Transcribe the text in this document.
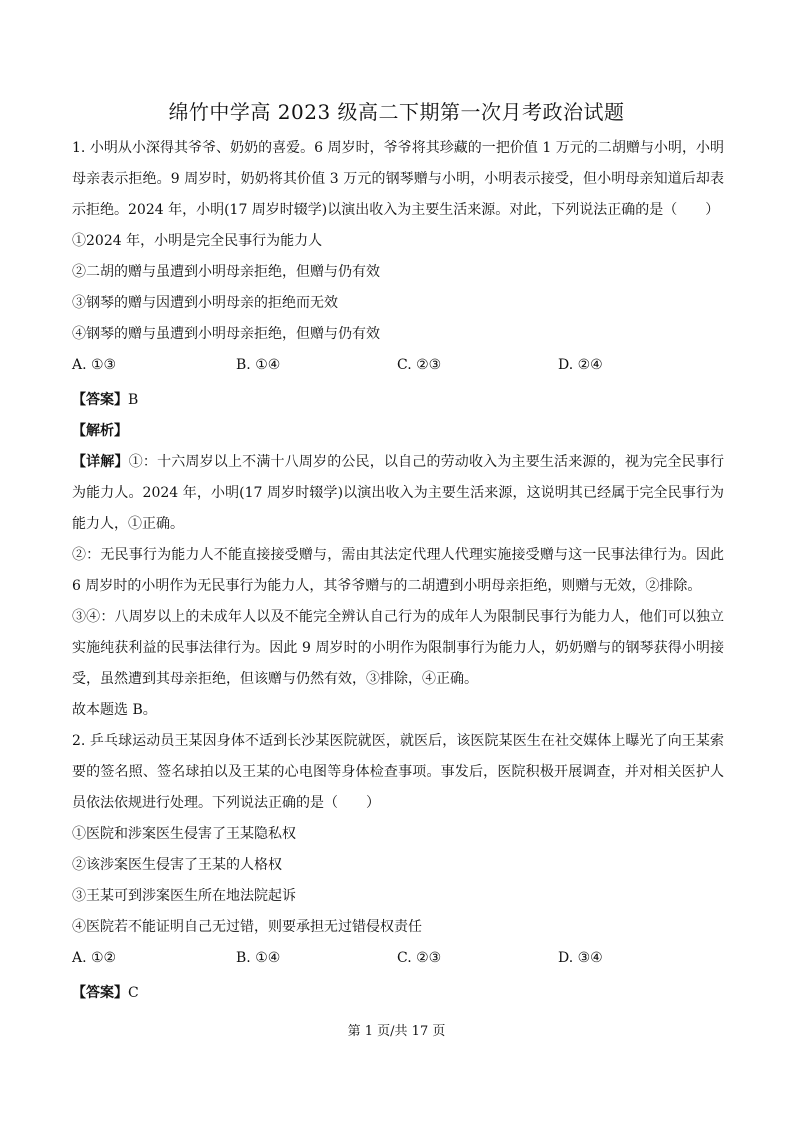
绵竹中学高 2023 级高二下期第一次月考政治试题
1. 小明从小深得其爷爷、奶奶的喜爱。6 周岁时，爷爷将其珍藏的一把价值 1 万元的二胡赠与小明，小明母亲表示拒绝。9 周岁时，奶奶将其价值 3 万元的钢琴赠与小明，小明表示接受，但小明母亲知道后却表示拒绝。2024 年，小明(17 周岁时辍学)以演出收入为主要生活来源。对此，下列说法正确的是（　　）
①2024 年，小明是完全民事行为能力人
②二胡的赠与虽遭到小明母亲拒绝，但赠与仍有效
③钢琴的赠与因遭到小明母亲的拒绝而无效
④钢琴的赠与虽遭到小明母亲拒绝，但赠与仍有效
A. ①③	B. ①④	C. ②③	D. ②④
【答案】B
【解析】
【详解】①：十六周岁以上不满十八周岁的公民，以自己的劳动收入为主要生活来源的，视为完全民事行为能力人。2024 年，小明(17 周岁时辍学)以演出收入为主要生活来源，这说明其已经属于完全民事行为能力人，①正确。
②：无民事行为能力人不能直接接受赠与，需由其法定代理人代理实施接受赠与这一民事法律行为。因此 6 周岁时的小明作为无民事行为能力人，其爷爷赠与的二胡遭到小明母亲拒绝，则赠与无效，②排除。
③④：八周岁以上的未成年人以及不能完全辨认自己行为的成年人为限制民事行为能力人，他们可以独立实施纯获利益的民事法律行为。因此 9 周岁时的小明作为限制事行为能力人，奶奶赠与的钢琴获得小明接受，虽然遭到其母亲拒绝，但该赠与仍然有效，③排除，④正确。
故本题选 B。
2. 乒乓球运动员王某因身体不适到长沙某医院就医，就医后，该医院某医生在社交媒体上曝光了向王某索要的签名照、签名球拍以及王某的心电图等身体检查事项。事发后，医院积极开展调查，并对相关医护人员依法依规进行处理。下列说法正确的是（　　）
①医院和涉案医生侵害了王某隐私权
②该涉案医生侵害了王某的人格权
③王某可到涉案医生所在地法院起诉
④医院若不能证明自己无过错，则要承担无过错侵权责任
A. ①②	B. ①④	C. ②③	D. ③④
【答案】C
第 1 页/共 17 页
